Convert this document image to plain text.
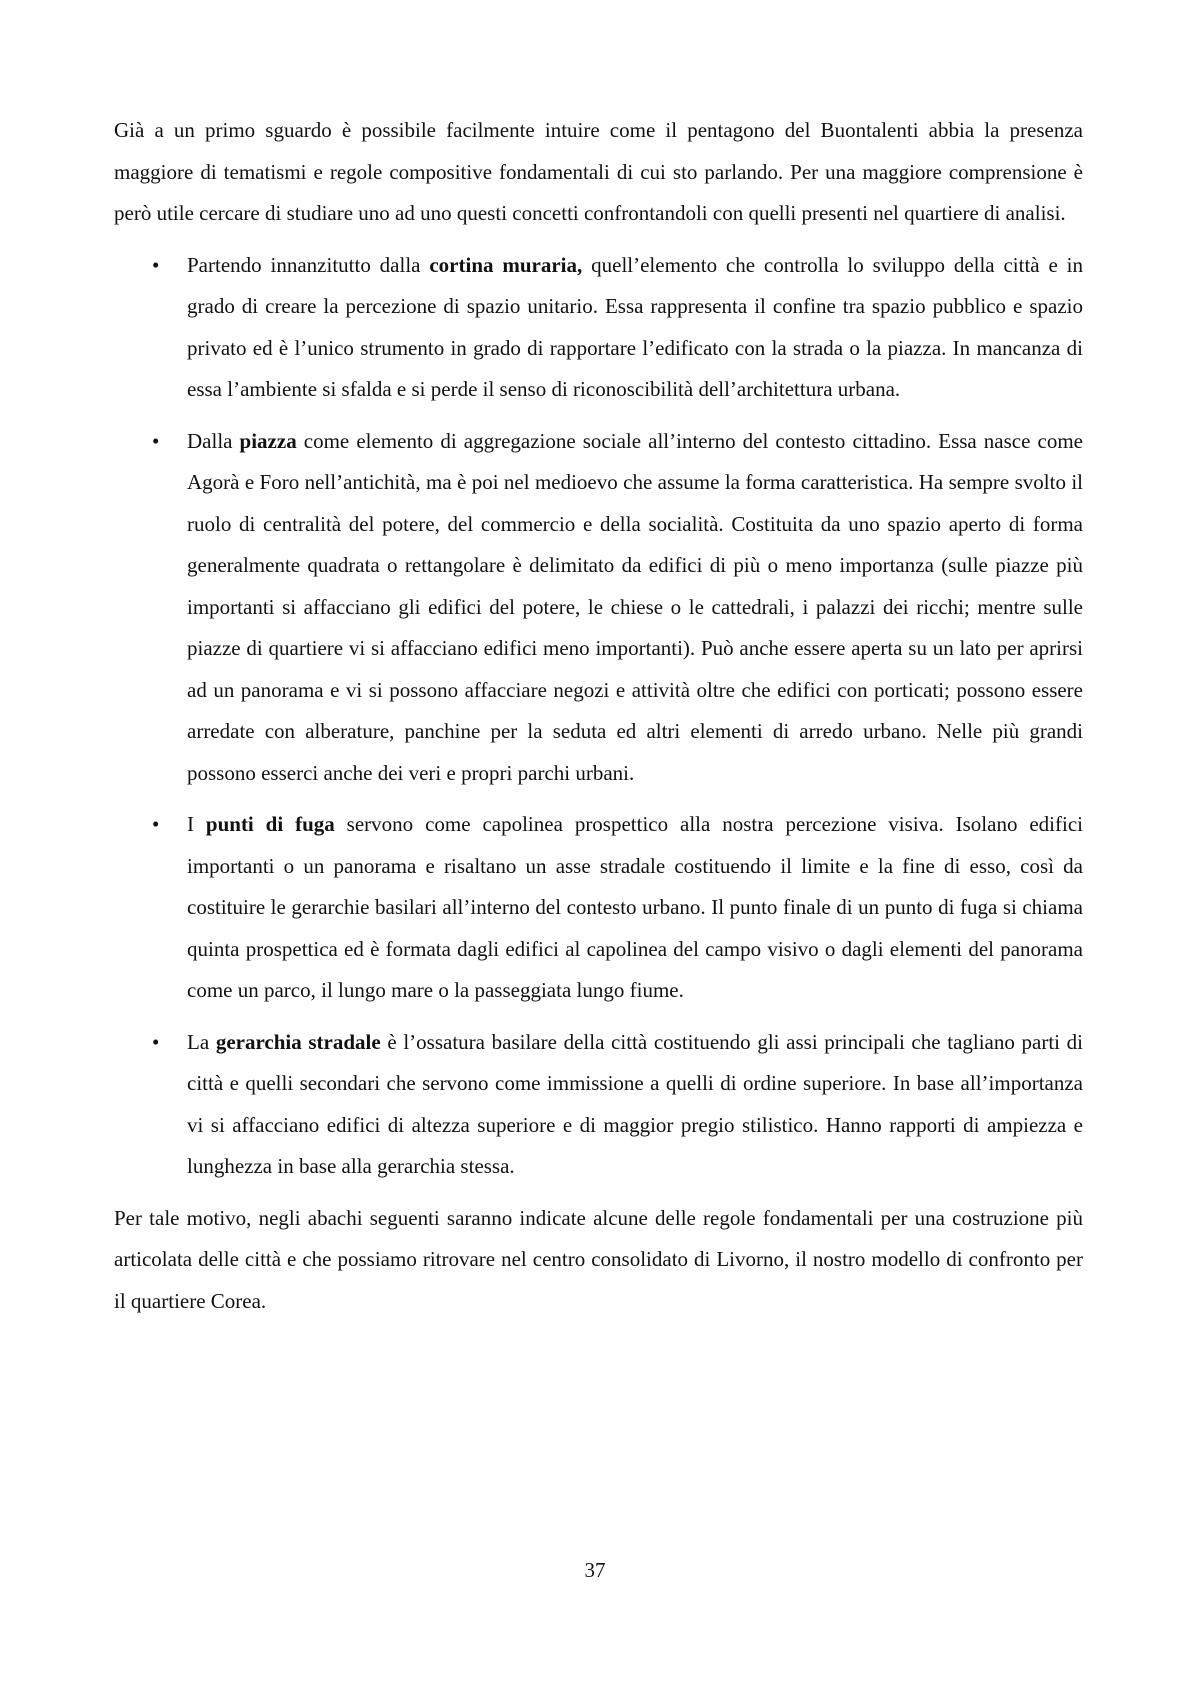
Già a un primo sguardo è possibile facilmente intuire come il pentagono del Buontalenti abbia la presenza maggiore di tematismi e regole compositive fondamentali di cui sto parlando. Per una maggiore comprensione è però utile cercare di studiare uno ad uno questi concetti confrontandoli con quelli presenti nel quartiere di analisi.

• Partendo innanzitutto dalla cortina muraria, quell’elemento che controlla lo sviluppo della città e in grado di creare la percezione di spazio unitario. Essa rappresenta il confine tra spazio pubblico e spazio privato ed è l’unico strumento in grado di rapportare l’edificato con la strada o la piazza. In mancanza di essa l’ambiente si sfalda e si perde il senso di riconoscibilità dell’architettura urbana.
• Dalla piazza come elemento di aggregazione sociale all’interno del contesto cittadino. Essa nasce come Agorà e Foro nell’antichità, ma è poi nel medioevo che assume la forma caratteristica. Ha sempre svolto il ruolo di centralità del potere, del commercio e della socialità. Costituita da uno spazio aperto di forma generalmente quadrata o rettangolare è delimitato da edifici di più o meno importanza (sulle piazze più importanti si affacciano gli edifici del potere, le chiese o le cattedrali, i palazzi dei ricchi; mentre sulle piazze di quartiere vi si affacciano edifici meno importanti). Può anche essere aperta su un lato per aprirsi ad un panorama e vi si possono affacciare negozi e attività oltre che edifici con porticati; possono essere arredate con alberature, panchine per la seduta ed altri elementi di arredo urbano. Nelle più grandi possono esserci anche dei veri e propri parchi urbani.
• I punti di fuga servono come capolinea prospettico alla nostra percezione visiva. Isolano edifici importanti o un panorama e risaltano un asse stradale costituendo il limite e la fine di esso, così da costituire le gerarchie basilari all’interno del contesto urbano. Il punto finale di un punto di fuga si chiama quinta prospettica ed è formata dagli edifici al capolinea del campo visivo o dagli elementi del panorama come un parco, il lungo mare o la passeggiata lungo fiume.
• La gerarchia stradale è l’ossatura basilare della città costituendo gli assi principali che tagliano parti di città e quelli secondari che servono come immissione a quelli di ordine superiore. In base all’importanza vi si affacciano edifici di altezza superiore e di maggior pregio stilistico. Hanno rapporti di ampiezza e lunghezza in base alla gerarchia stessa.

Per tale motivo, negli abachi seguenti saranno indicate alcune delle regole fondamentali per una costruzione più articolata delle città e che possiamo ritrovare nel centro consolidato di Livorno, il nostro modello di confronto per il quartiere Corea.

37
